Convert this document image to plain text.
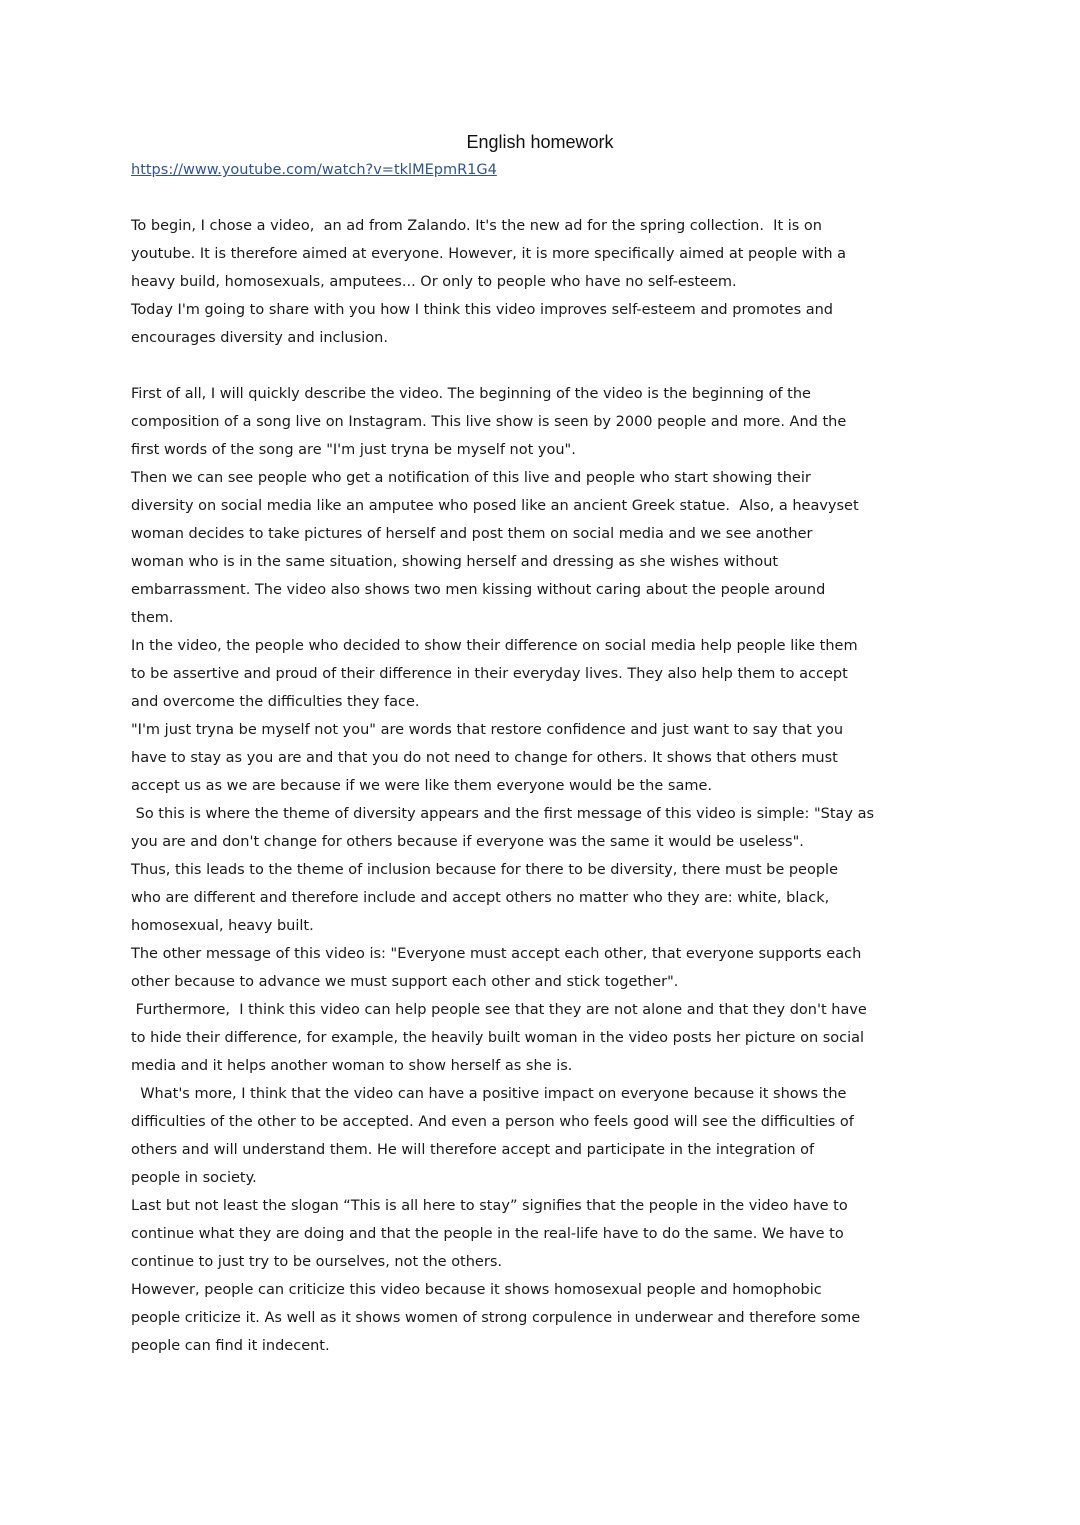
English homework
https://www.youtube.com/watch?v=tklMEpmR1G4
To begin, I chose a video,  an ad from Zalando. It's the new ad for the spring collection.  It is on
youtube. It is therefore aimed at everyone. However, it is more specifically aimed at people with a
heavy build, homosexuals, amputees... Or only to people who have no self-esteem.
Today I'm going to share with you how I think this video improves self-esteem and promotes and
encourages diversity and inclusion.
First of all, I will quickly describe the video. The beginning of the video is the beginning of the
composition of a song live on Instagram. This live show is seen by 2000 people and more. And the
first words of the song are "I'm just tryna be myself not you".
Then we can see people who get a notification of this live and people who start showing their
diversity on social media like an amputee who posed like an ancient Greek statue.  Also, a heavyset
woman decides to take pictures of herself and post them on social media and we see another
woman who is in the same situation, showing herself and dressing as she wishes without
embarrassment. The video also shows two men kissing without caring about the people around
them.
In the video, the people who decided to show their difference on social media help people like them
to be assertive and proud of their difference in their everyday lives. They also help them to accept
and overcome the difficulties they face.
"I'm just tryna be myself not you" are words that restore confidence and just want to say that you
have to stay as you are and that you do not need to change for others. It shows that others must
accept us as we are because if we were like them everyone would be the same.
So this is where the theme of diversity appears and the first message of this video is simple: "Stay as
you are and don't change for others because if everyone was the same it would be useless".
Thus, this leads to the theme of inclusion because for there to be diversity, there must be people
who are different and therefore include and accept others no matter who they are: white, black,
homosexual, heavy built.
The other message of this video is: "Everyone must accept each other, that everyone supports each
other because to advance we must support each other and stick together".
Furthermore,  I think this video can help people see that they are not alone and that they don't have
to hide their difference, for example, the heavily built woman in the video posts her picture on social
media and it helps another woman to show herself as she is.
What's more, I think that the video can have a positive impact on everyone because it shows the
difficulties of the other to be accepted. And even a person who feels good will see the difficulties of
others and will understand them. He will therefore accept and participate in the integration of
people in society.
Last but not least the slogan “This is all here to stay” signifies that the people in the video have to
continue what they are doing and that the people in the real-life have to do the same. We have to
continue to just try to be ourselves, not the others.
However, people can criticize this video because it shows homosexual people and homophobic
people criticize it. As well as it shows women of strong corpulence in underwear and therefore some
people can find it indecent.
